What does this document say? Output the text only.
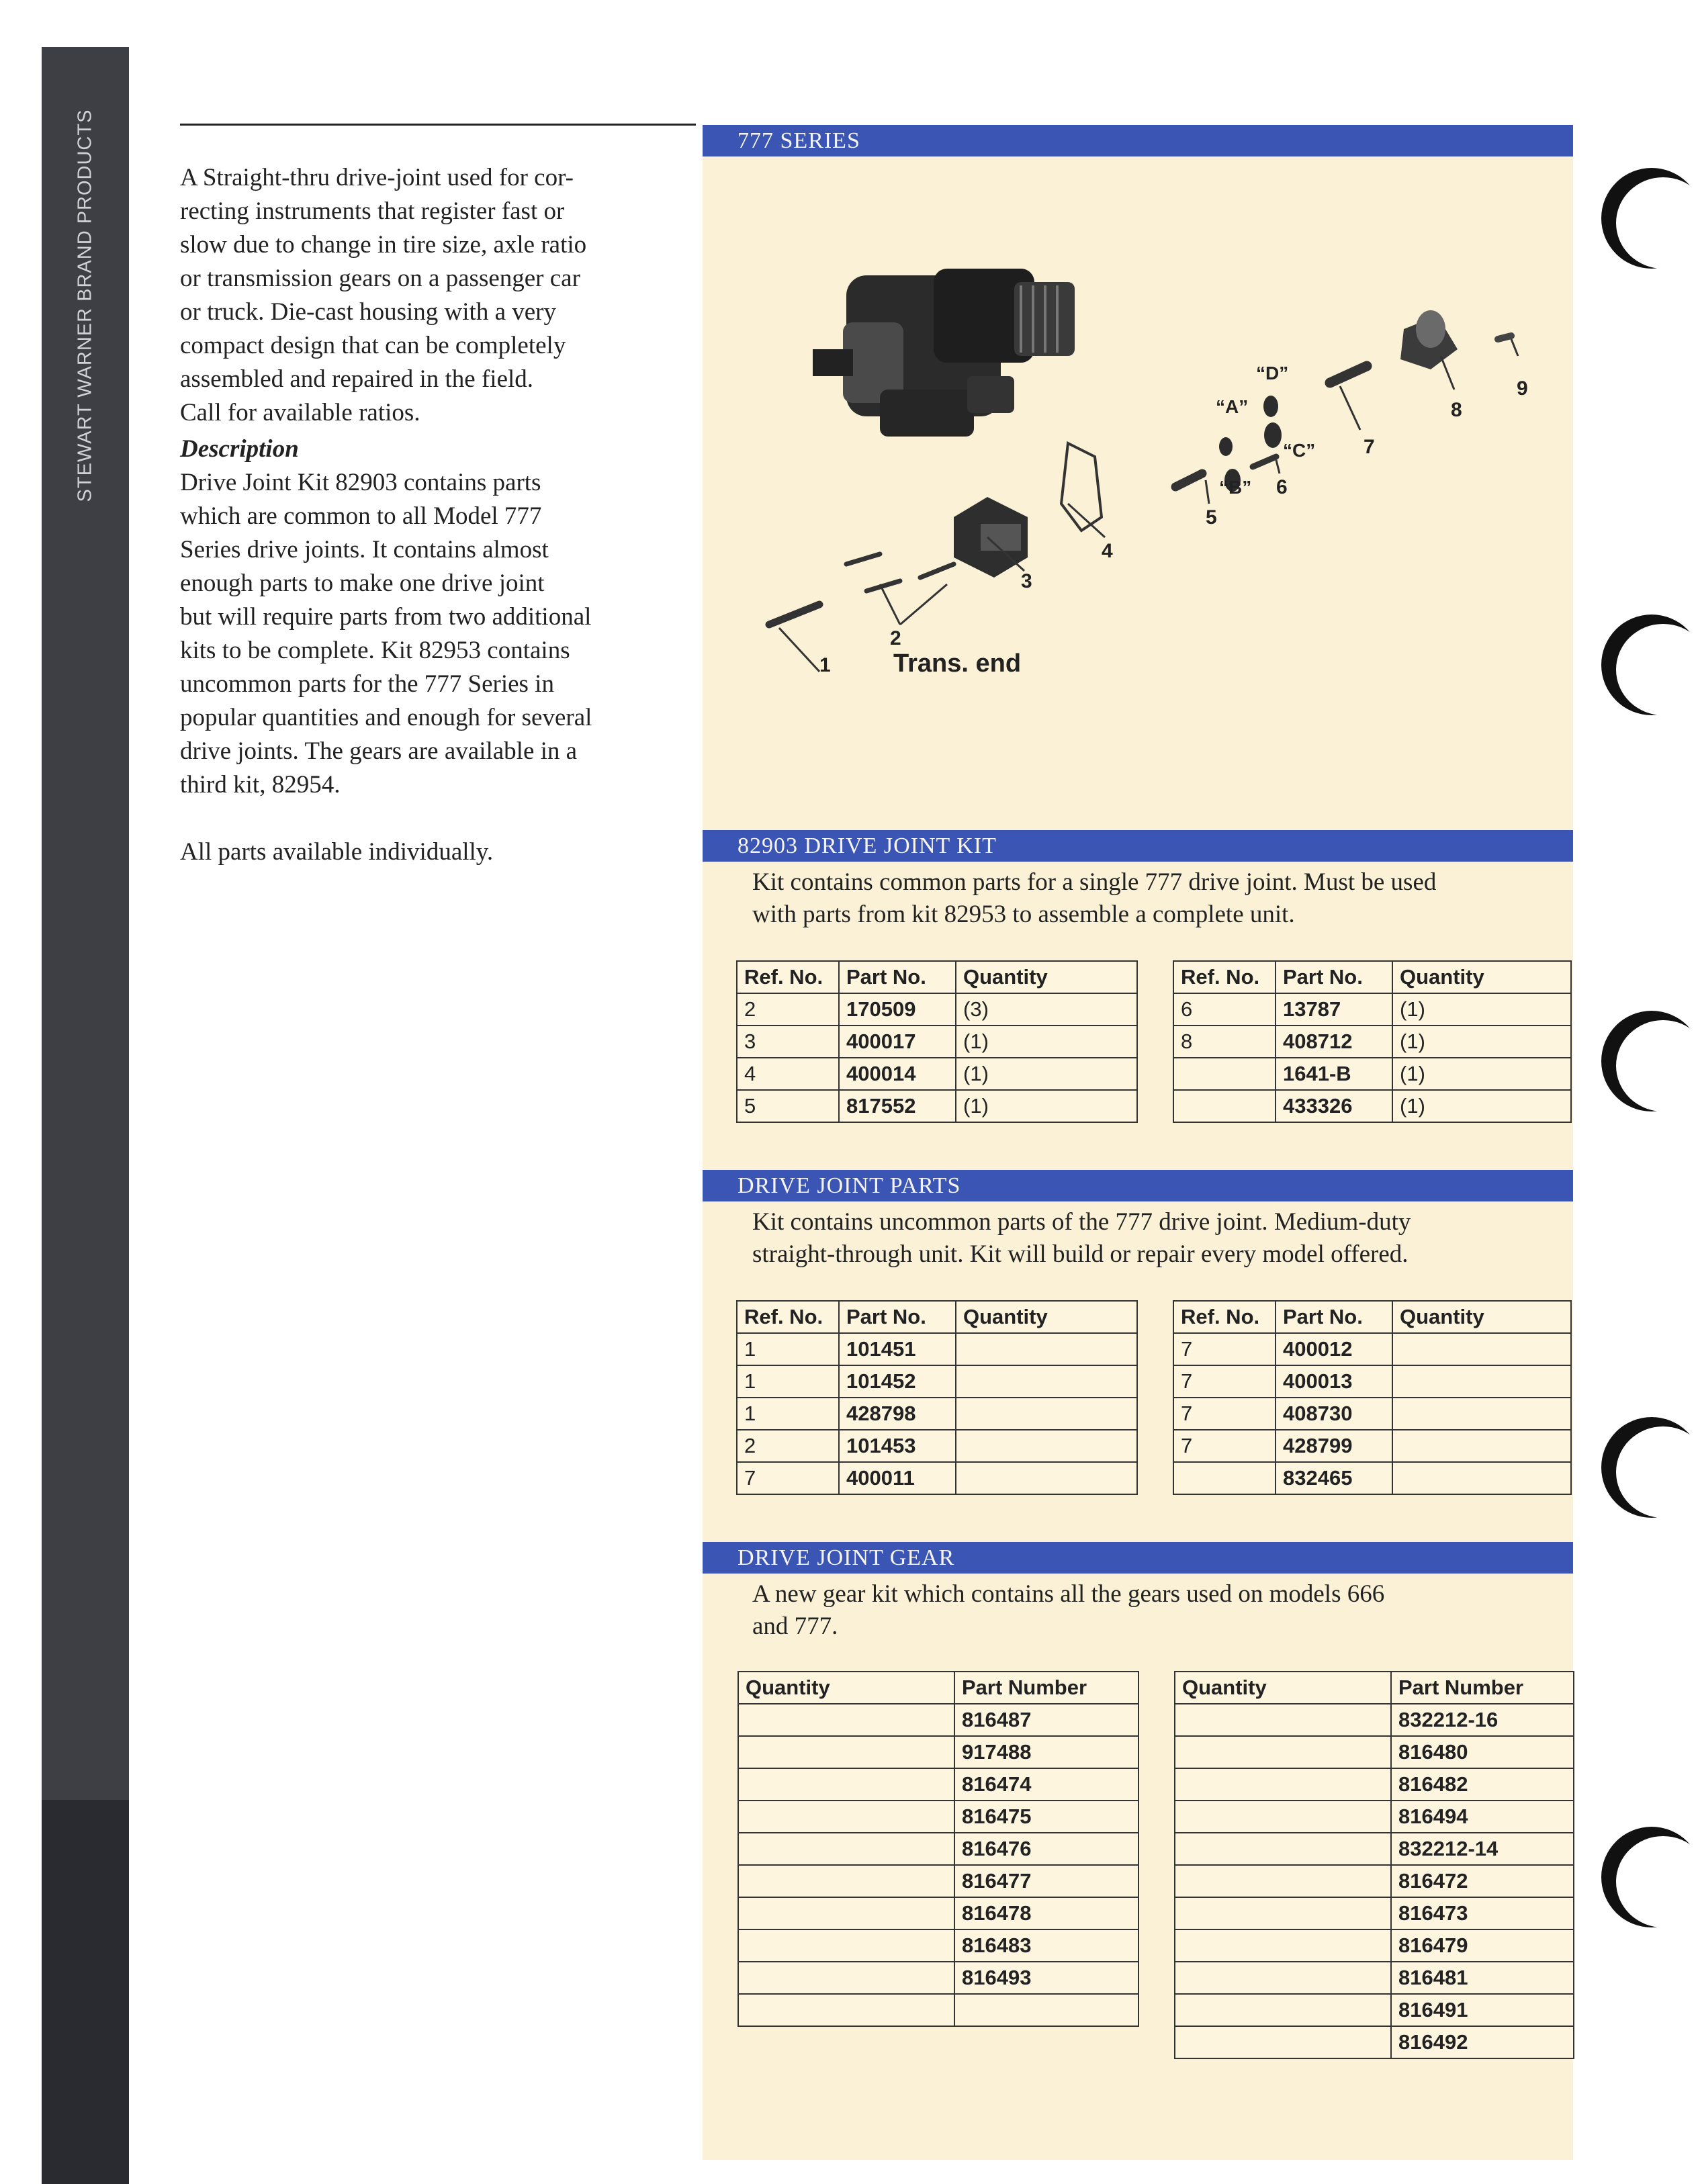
STEWART WARNER BRAND PRODUCTS	A Straight-thru drive-joint used for cor-

recting instruments that register fast or

slow due to change in tire size, axle ratio

or transmission gears on a passenger car

or truck. Die-cast housing with a very

compact design that can be completely

assembled and repaired in the field.

Call for available ratios.

Description

Drive Joint Kit 82903 contains parts

which are common to all Model 777

Series drive joints. It contains almost

enough parts to make one drive joint

but will require parts from two additional

kits to be complete. Kit 82953 contains

uncommon parts for the 777 Series in

popular quantities and enough for several

drive joints. The gears are available in a

third kit, 82954.

All parts available individually.

777 SERIES
1
2
3
4
5
6
7
8
9
“A”
“B”
“C”
“D”
Trans. end
82903 DRIVE JOINT KIT
Kit contains common parts for a single 777 drive joint. Must be used
with parts from kit 82953 to assemble a complete unit.
Ref. No.	Part No.	Quantity
2	170509	(3)
3	400017	(1)
4	400014	(1)
5	817552	(1)
Ref. No.	Part No.	Quantity
6	13787	(1)
8	408712	(1)
	1641-B	(1)
	433326	(1)
DRIVE JOINT PARTS
Kit contains uncommon parts of the 777 drive joint. Medium-duty
straight-through unit. Kit will build or repair every model offered.
Ref. No.	Part No.	Quantity
1	101451	
1	101452	
1	428798	
2	101453	
7	400011	
Ref. No.	Part No.	Quantity
7	400012	
7	400013	
7	408730	
7	428799	
	832465	
DRIVE JOINT GEAR
A new gear kit which contains all the gears used on models 666
and 777.
Quantity	Part Number
	816487
	917488
	816474
	816475
	816476
	816477
	816478
	816483
	816493

Quantity	Part Number
	832212-16
	816480
	816482
	816494
	832212-14
	816472
	816473
	816479
	816481
	816491
	816492
